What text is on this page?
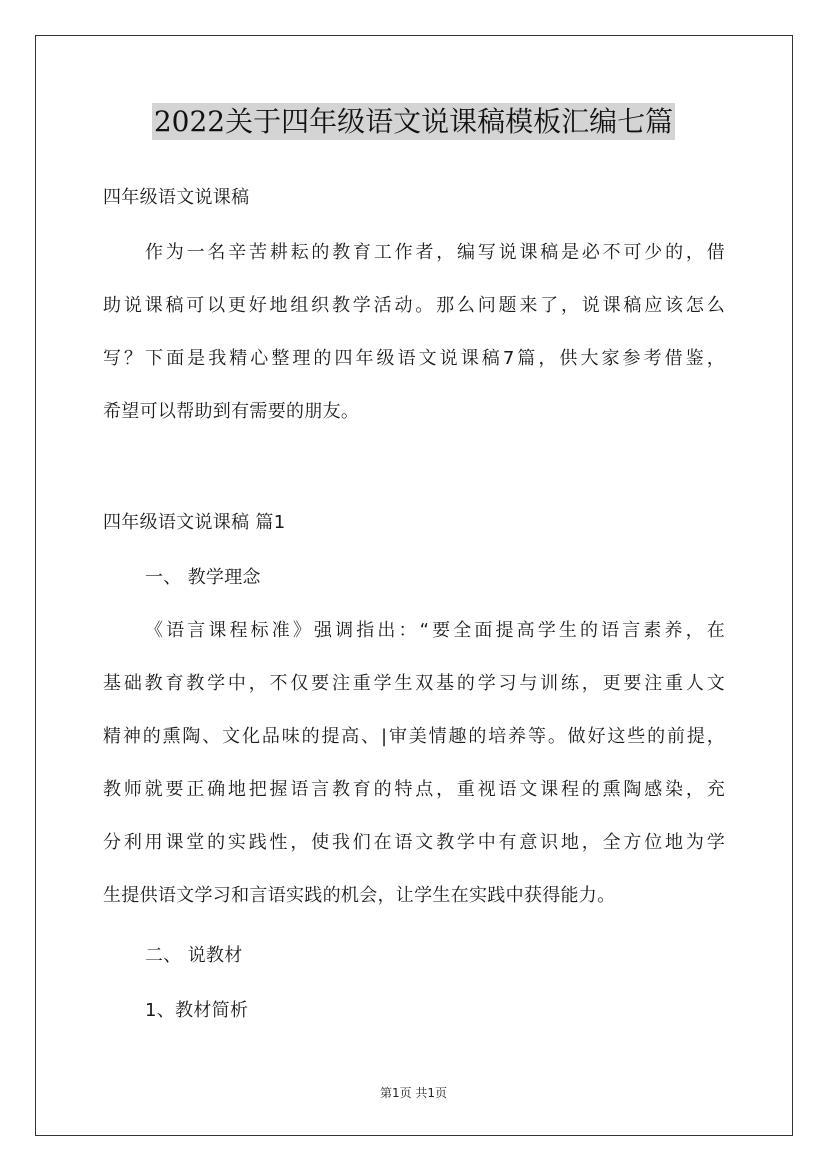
2022关于四年级语文说课稿模板汇编七篇
四年级语文说课稿
作为一名辛苦耕耘的教育工作者，编写说课稿是必不可少的，借
助说课稿可以更好地组织教学活动。那么问题来了，说课稿应该怎么
写？下面是我精心整理的四年级语文说课稿7篇，供大家参考借鉴，
希望可以帮助到有需要的朋友。
四年级语文说课稿 篇1
一、 教学理念
《语言课程标准》强调指出：“要全面提高学生的语言素养，在
基础教育教学中，不仅要注重学生双基的学习与训练，更要注重人文
精神的熏陶、文化品味的提高、|审美情趣的培养等。做好这些的前提，
教师就要正确地把握语言教育的特点，重视语文课程的熏陶感染，充
分利用课堂的实践性，使我们在语文教学中有意识地，全方位地为学
生提供语文学习和言语实践的机会，让学生在实践中获得能力。
二、 说教材
1、教材简析
第1页 共1页
